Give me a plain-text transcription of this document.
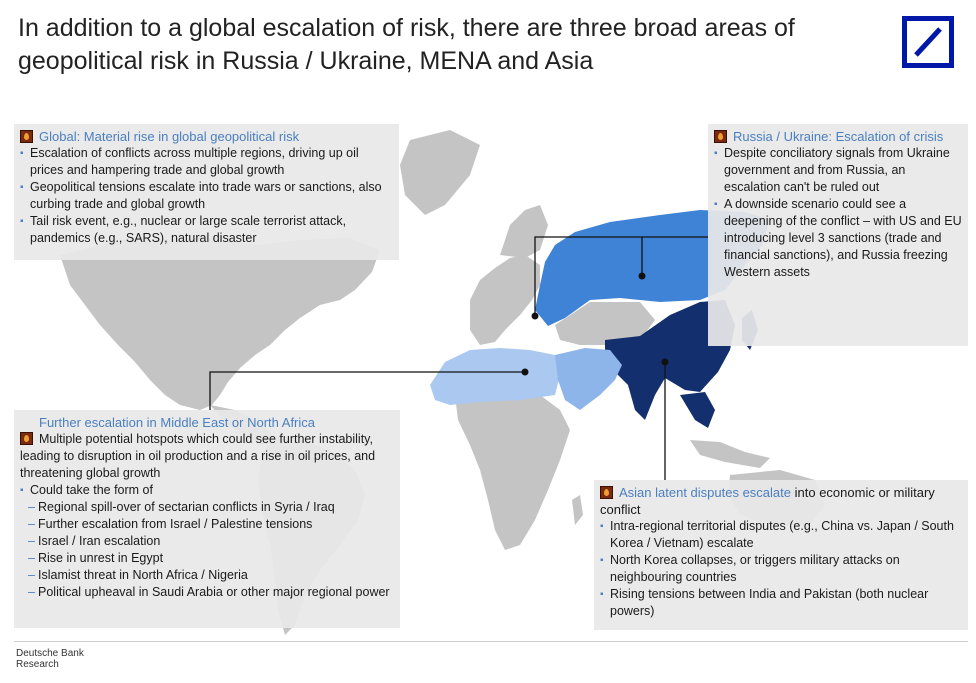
In addition to a global escalation of risk, there are three broad areas of geopolitical risk in Russia / Ukraine, MENA and Asia
Global: Material rise in global geopolitical risk
▪ Escalation of conflicts across multiple regions, driving up oil prices and hampering trade and global growth
▪ Geopolitical tensions escalate into trade wars or sanctions, also curbing trade and global growth
▪ Tail risk event, e.g., nuclear or large scale terrorist attack, pandemics (e.g., SARS), natural disaster
Russia / Ukraine: Escalation of crisis
▪ Despite conciliatory signals from Ukraine government and from Russia, an escalation can't be ruled out
▪ A downside scenario could see a deepening of the conflict – with US and EU introducing level 3 sanctions (trade and financial sanctions), and Russia freezing Western assets
Further escalation in Middle East or North Africa
Multiple potential hotspots which could see further instability, leading to disruption in oil production and a rise in oil prices, and threatening global growth
▪ Could take the form of
– Regional spill-over of sectarian conflicts in Syria / Iraq
– Further escalation from Israel / Palestine tensions
– Israel / Iran escalation
– Rise in unrest in Egypt
– Islamist threat in North Africa / Nigeria
– Political upheaval in Saudi Arabia or other major regional power
Asian latent disputes escalate into economic or military conflict
▪ Intra-regional territorial disputes (e.g., China vs. Japan / South Korea / Vietnam) escalate
▪ North Korea collapses, or triggers military attacks on neighbouring countries
▪ Rising tensions between India and Pakistan (both nuclear powers)
Deutsche Bank
Research
